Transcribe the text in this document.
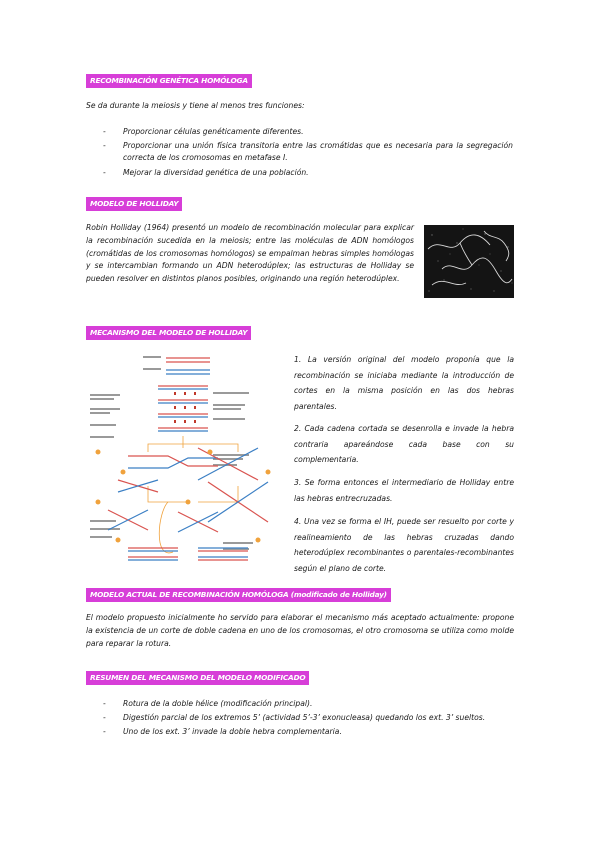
RECOMBINACIÓN GENÉTICA HOMÓLOGA
Se da durante la meiosis y tiene al menos tres funciones:
- Proporcionar células genéticamente diferentes.
- Proporcionar una unión física transitoria entre las cromátidas que es necesaria para la segregación correcta de los cromosomas en metafase I.
- Mejorar la diversidad genética de una población.
MODELO DE HOLLIDAY
Robin Holliday (1964) presentó un modelo de recombinación molecular para explicar la recombinación sucedida en la meiosis; entre las moléculas de ADN homólogos (cromátidas de los cromosomas homólogos) se empalman hebras simples homólogas y se intercambian formando un ADN heterodúplex; las estructuras de Holliday se pueden resolver en distintos planos posibles, originando una región heterodúplex.
MECANISMO DEL MODELO DE HOLLIDAY
1. La versión original del modelo proponía que la recombinación se iniciaba mediante la introducción de cortes en la misma posición en las dos hebras parentales.
2. Cada cadena cortada se desenrolla e invade la hebra contraria apareándose cada base con su complementaria.
3. Se forma entonces el intermediario de Holliday entre las hebras entrecruzadas.
4. Una vez se forma el IH, puede ser resuelto por corte y realineamiento de las hebras cruzadas dando heterodúplex recombinantes o parentales-recombinantes según el plano de corte.
MODELO ACTUAL DE RECOMBINACIÓN HOMÓLOGA (modificado de Holliday)
El modelo propuesto inicialmente ho servido para elaborar el mecanismo más aceptado actualmente: propone la existencia de un corte de doble cadena en uno de los cromosomas, el otro cromosoma se utiliza como molde para reparar la rotura.
RESUMEN DEL MECANISMO DEL MODELO MODIFICADO
- Rotura de la doble hélice (modificación principal).
- Digestión parcial de los extremos 5’ (actividad 5’-3’ exonucleasa) quedando los ext. 3’ sueltos.
- Uno de los ext. 3’ invade la doble hebra complementaria.
